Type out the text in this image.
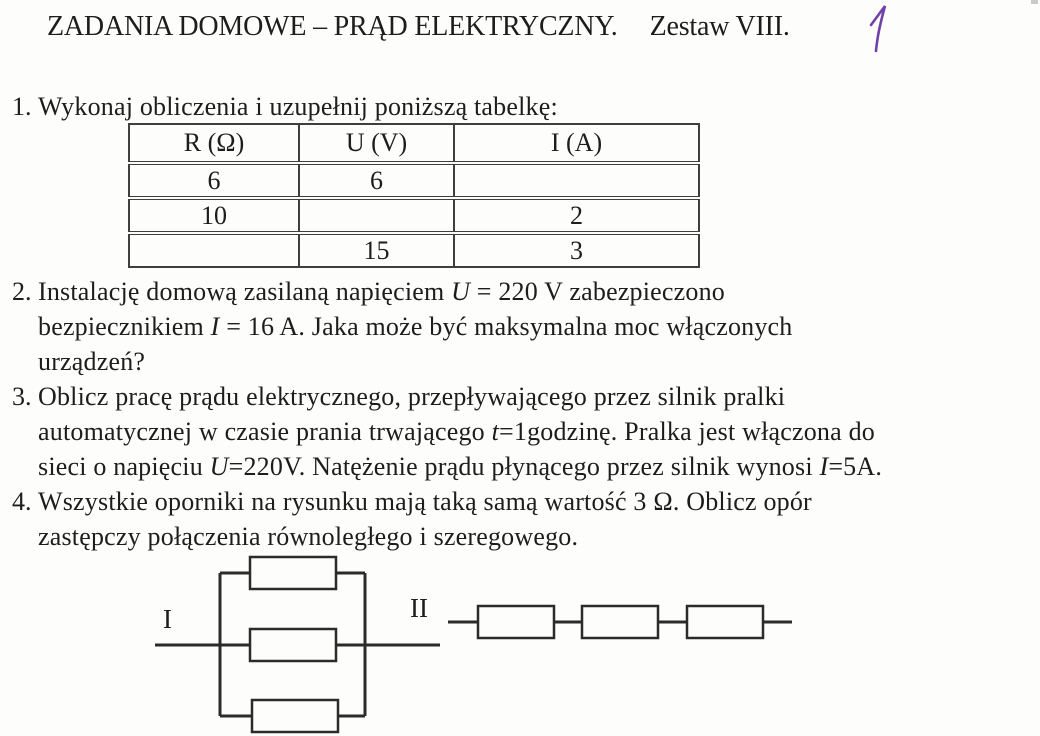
ZADANIA DOMOWE – PRĄD ELEKTRYCZNY. Zestaw VIII.
1. Wykonaj obliczenia i uzupełnij poniższą tabelkę:
R (Ω)	U (V)	I (A)
6	6	
10		2
	15	3
2. Instalację domową zasilaną napięciem U = 220 V zabezpieczono
bezpiecznikiem I = 16 A. Jaka może być maksymalna moc włączonych
urządzeń?
3. Oblicz pracę prądu elektrycznego, przepływającego przez silnik pralki
automatycznej w czasie prania trwającego t=1godzinę. Pralka jest włączona do
sieci o napięciu U=220V. Natężenie prądu płynącego przez silnik wynosi I=5A.
4. Wszystkie oporniki na rysunku mają taką samą wartość 3 Ω. Oblicz opór
zastępczy połączenia równoległego i szeregowego.
I	II
